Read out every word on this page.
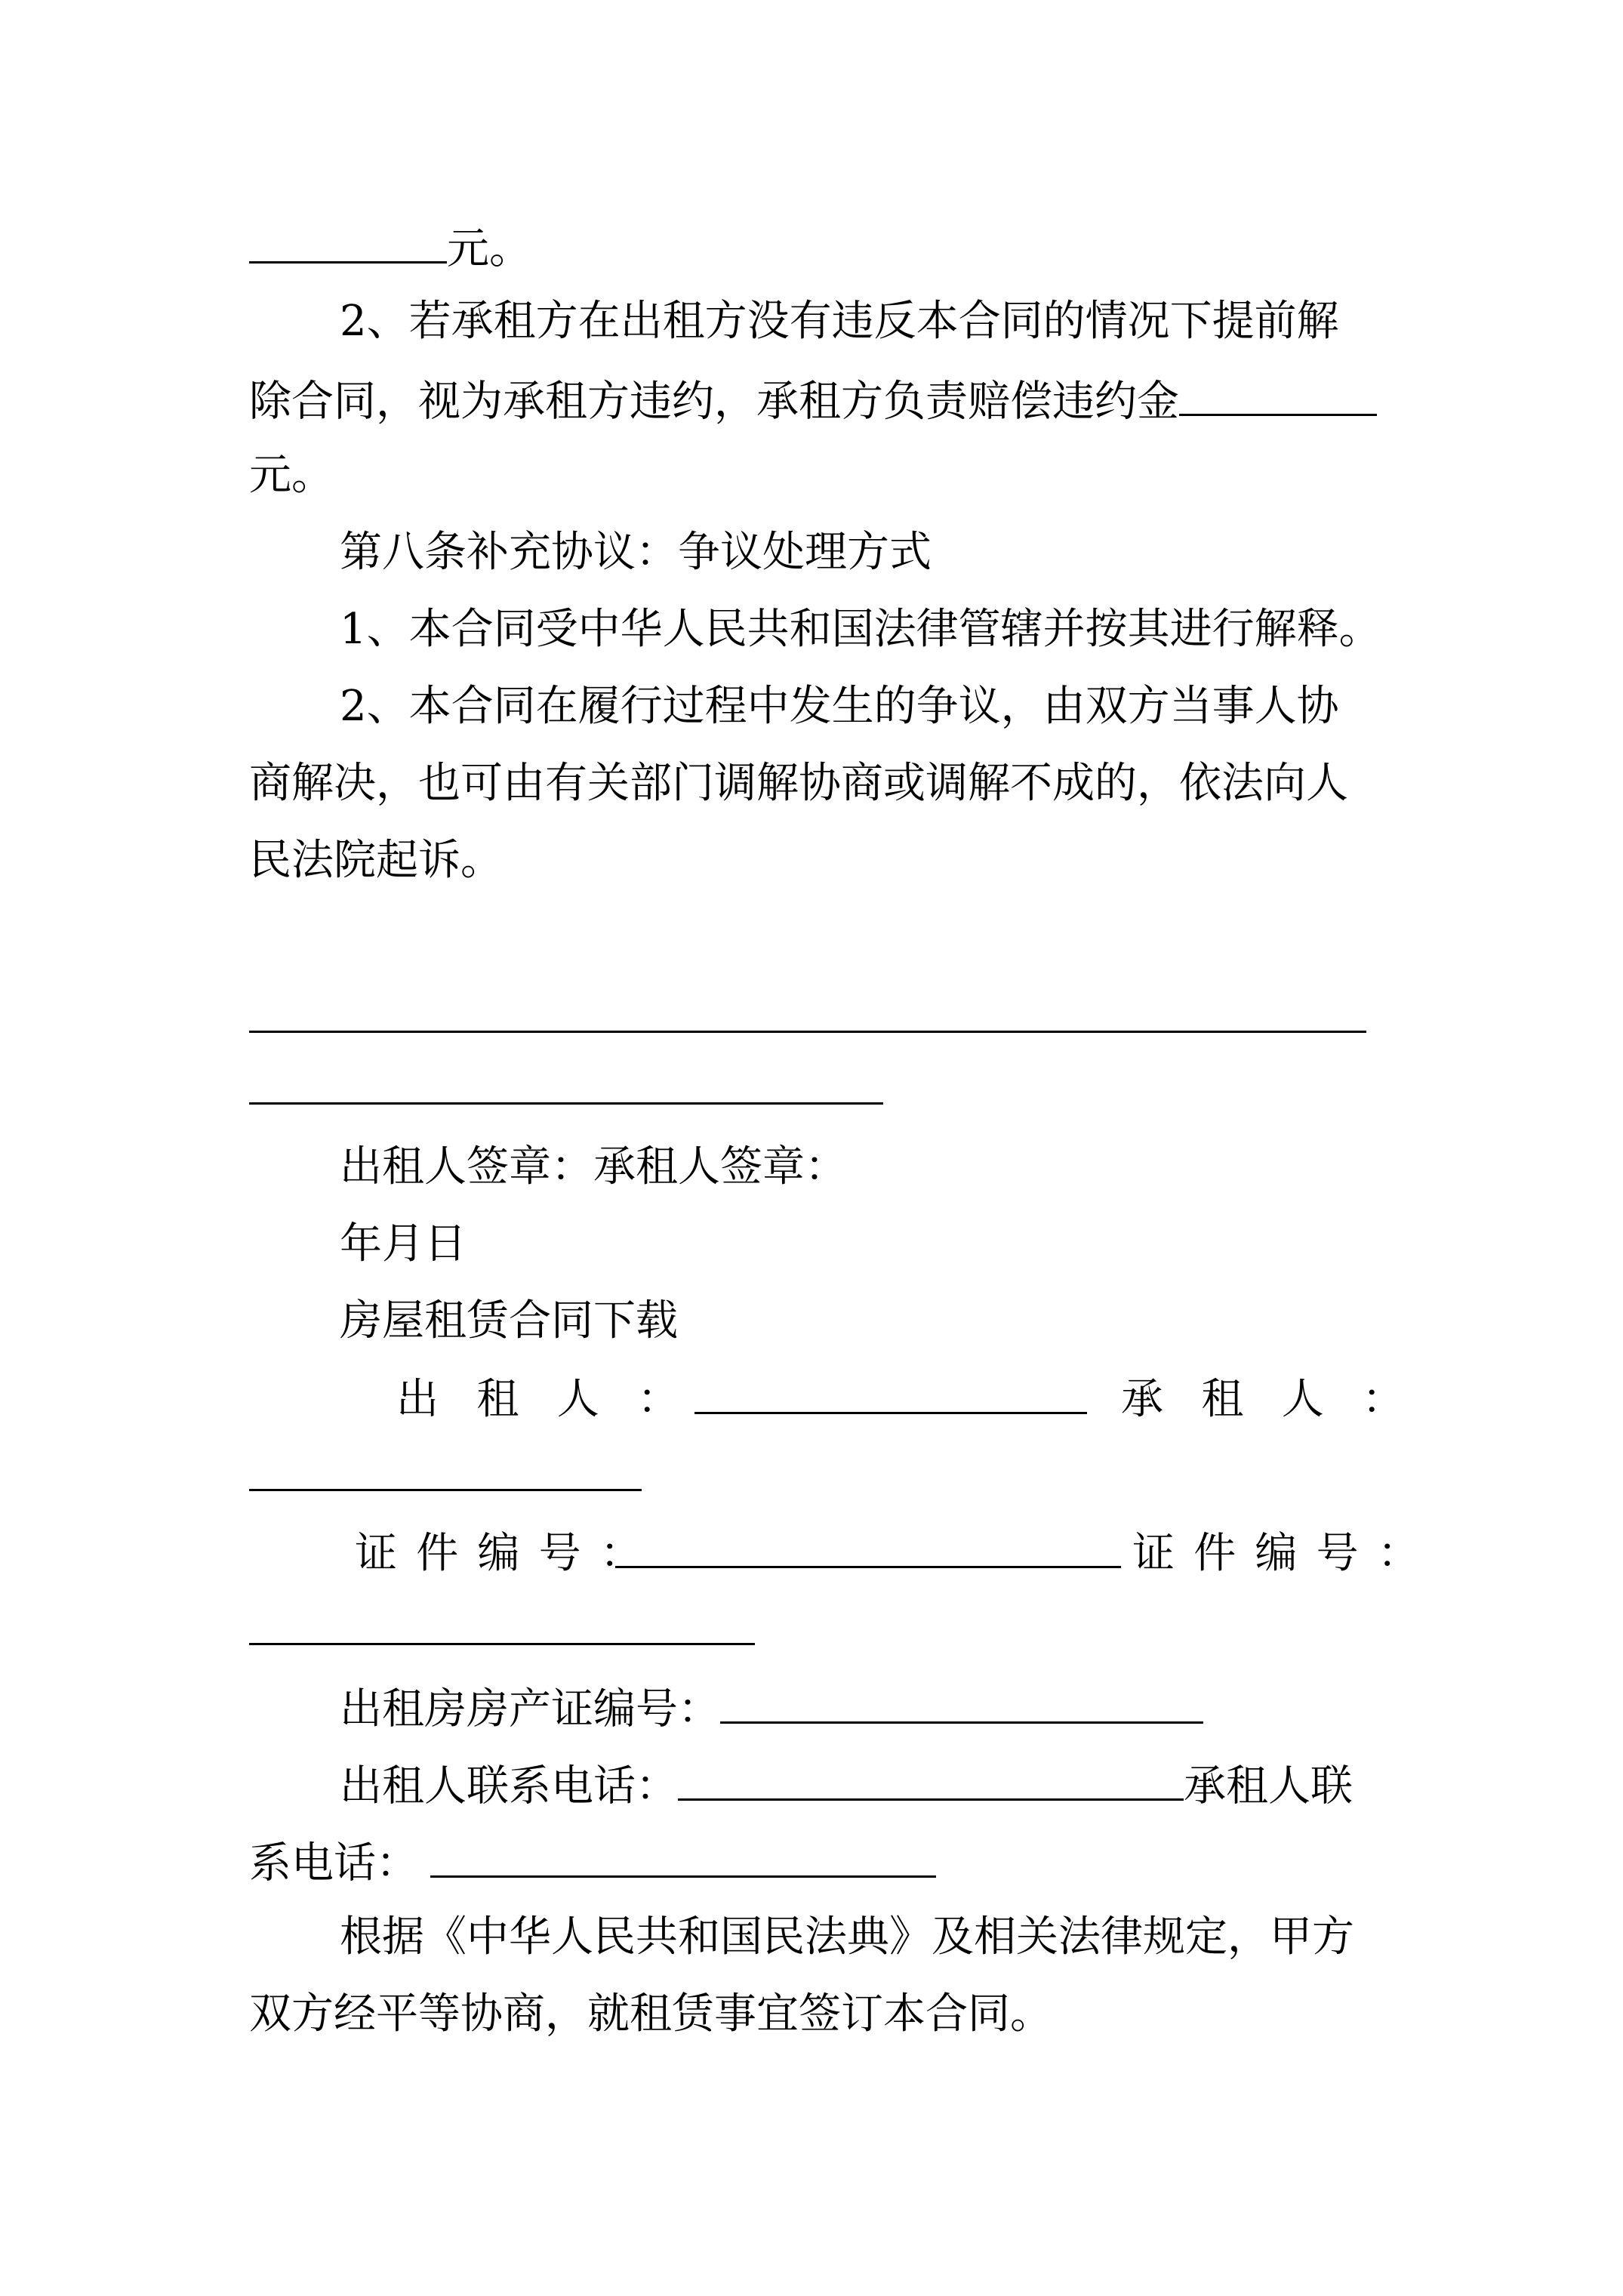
元。
2、若承租方在出租方没有违反本合同的情况下提前解
除合同，视为承租方违约，承租方负责赔偿违约金
元。
第八条补充协议：争议处理方式
1、本合同受中华人民共和国法律管辖并按其进行解释。
2、本合同在履行过程中发生的争议，由双方当事人协
商解决，也可由有关部门调解协商或调解不成的，依法向人
民法院起诉。
出租人签章：承租人签章：
年月日
房屋租赁合同下载
出租人：	承租人：
证件编号：	证件编号：
出租房房产证编号：
出租人联系电话：	承租人联
系电话：
根据《中华人民共和国民法典》及相关法律规定，甲方
双方经平等协商，就租赁事宜签订本合同。
